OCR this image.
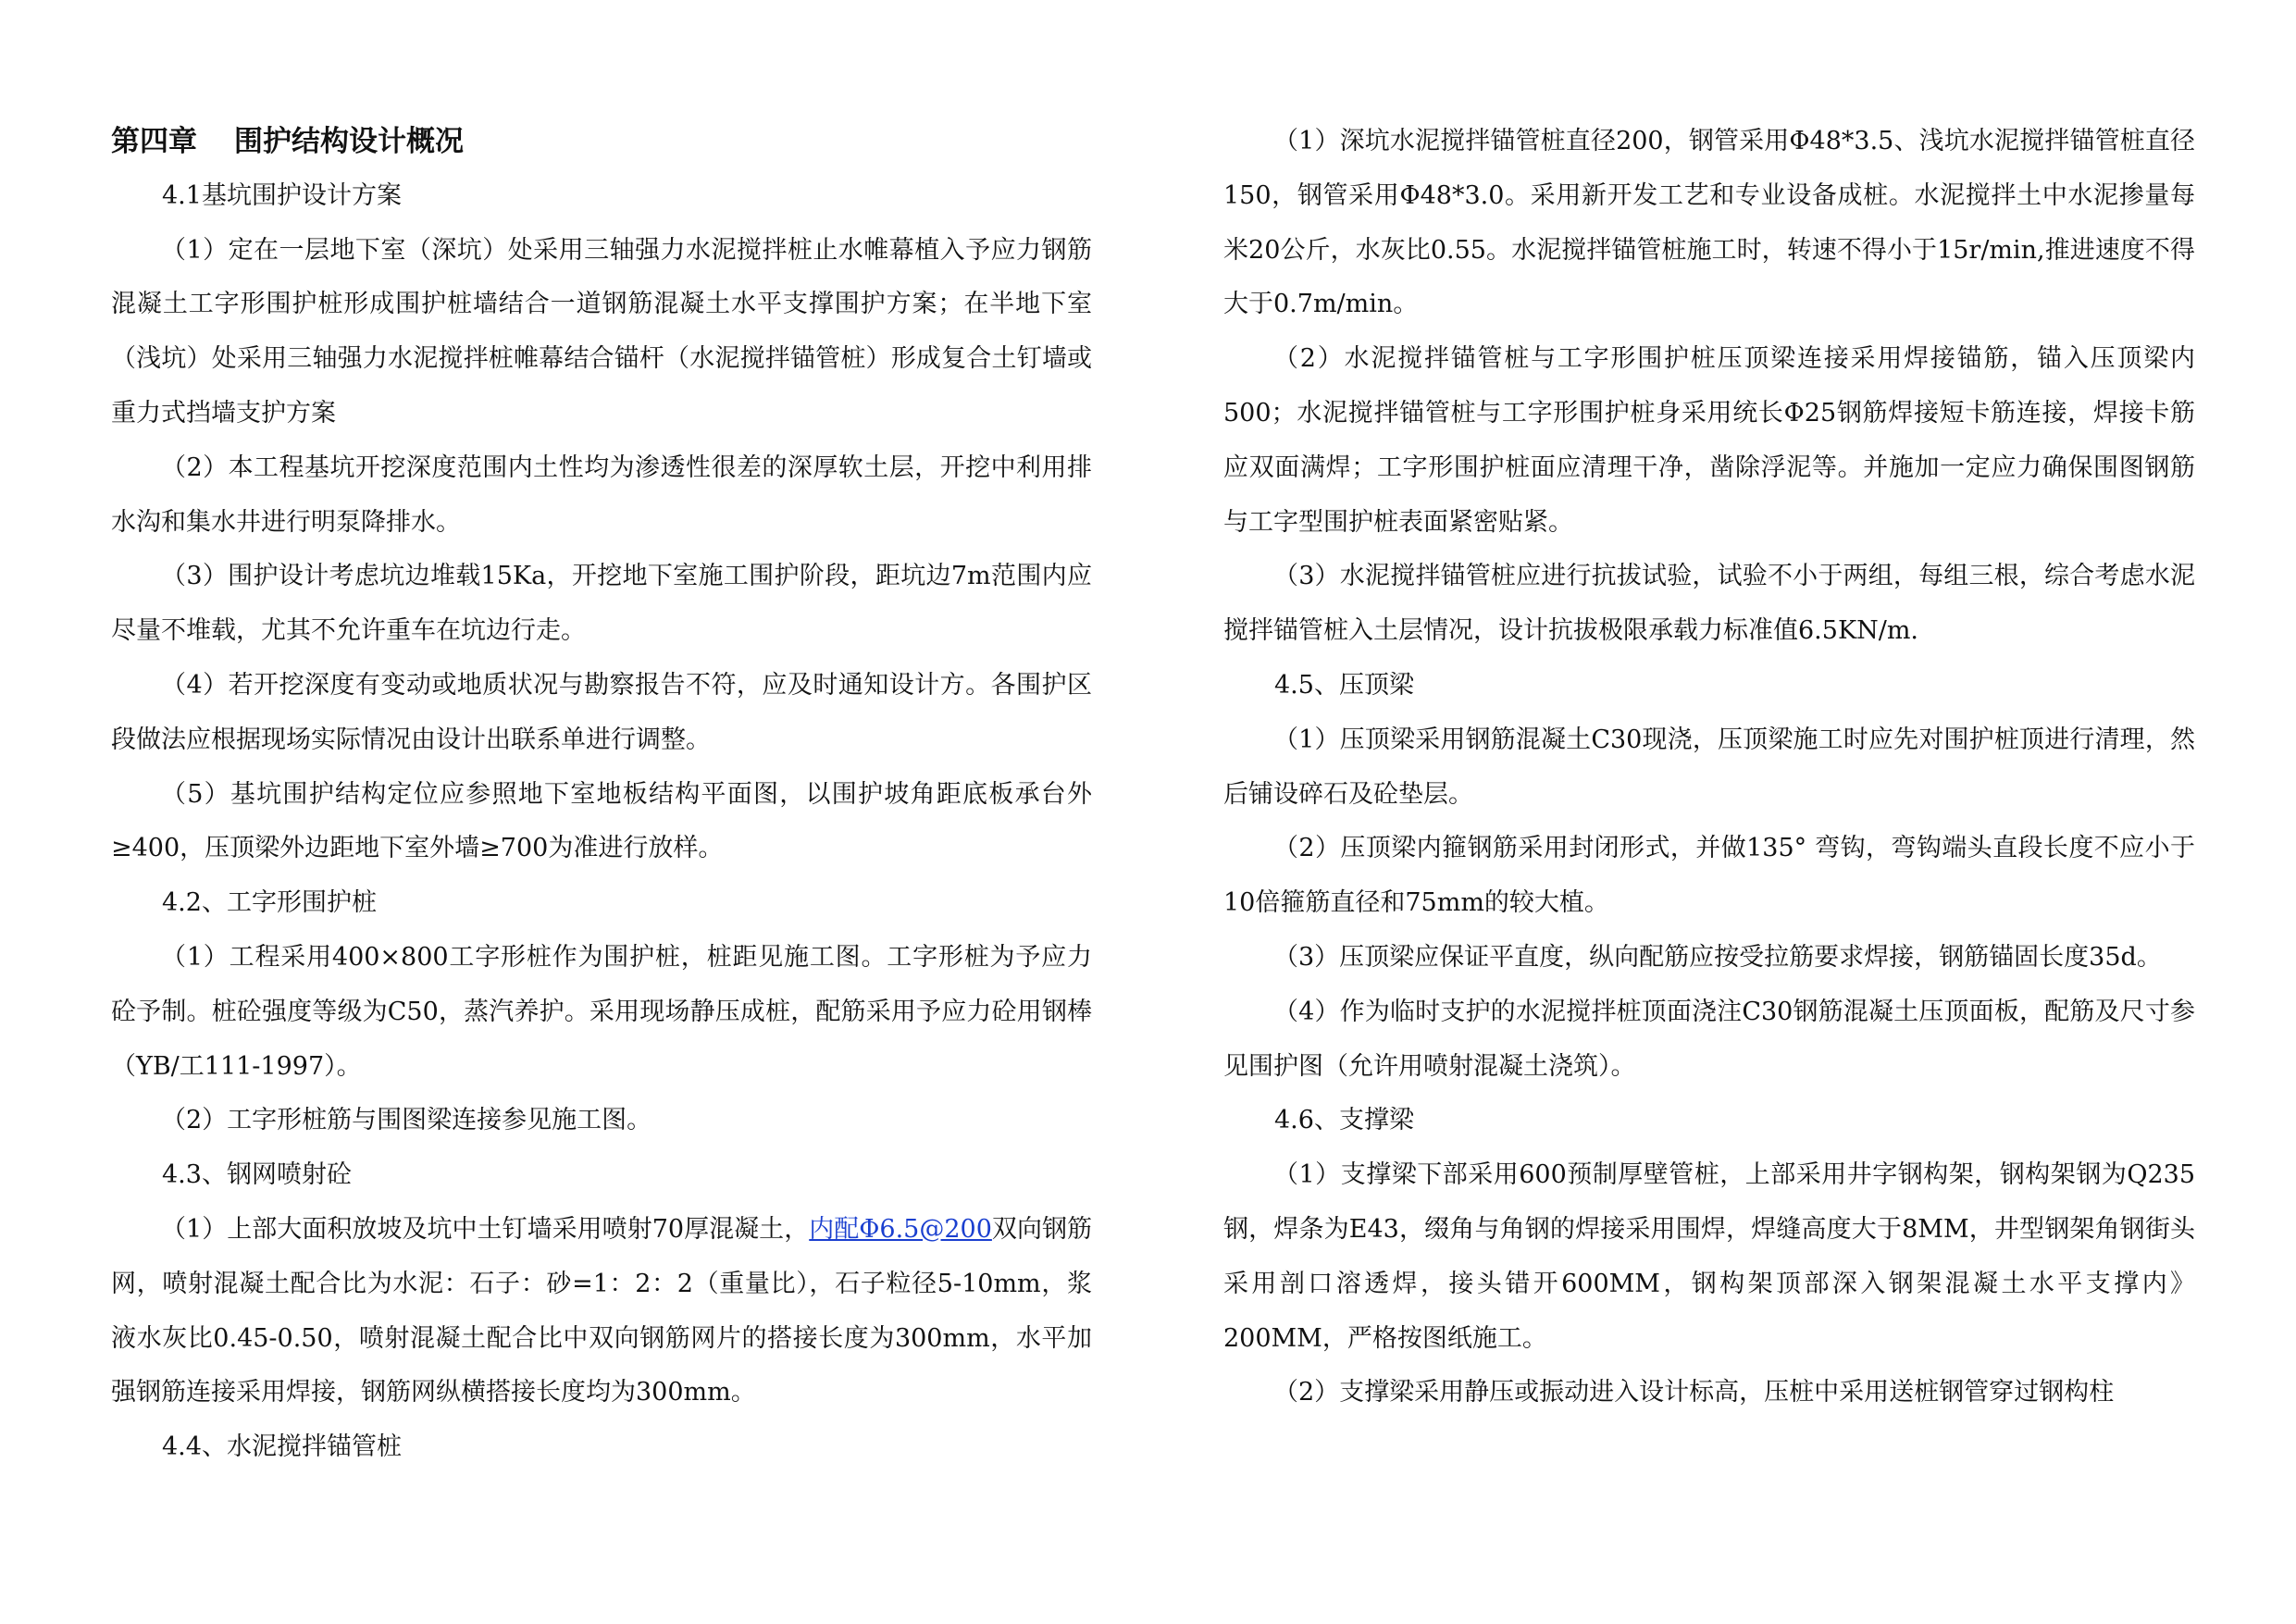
第四章 围护结构设计概况
4.1基坑围护设计方案

（1）定在一层地下室（深坑）处采用三轴强力水泥搅拌桩止水帷幕植入予应力钢筋混凝土工字形围护桩形成围护桩墙结合一道钢筋混凝土水平支撑围护方案；在半地下室（浅坑）处采用三轴强力水泥搅拌桩帷幕结合锚杆（水泥搅拌锚管桩）形成复合土钉墙或重力式挡墙支护方案

（2）本工程基坑开挖深度范围内土性均为渗透性很差的深厚软土层，开挖中利用排水沟和集水井进行明泵降排水。

（3）围护设计考虑坑边堆载15Ka，开挖地下室施工围护阶段，距坑边7m范围内应尽量不堆载，尤其不允许重车在坑边行走。

（4）若开挖深度有变动或地质状况与勘察报告不符，应及时通知设计方。各围护区段做法应根据现场实际情况由设计出联系单进行调整。

（5）基坑围护结构定位应参照地下室地板结构平面图，以围护坡角距底板承台外≥400，压顶梁外边距地下室外墙≥700为准进行放样。

4.2、工字形围护桩

（1）工程采用400×800工字形桩作为围护桩，桩距见施工图。工字形桩为予应力砼予制。桩砼强度等级为C50，蒸汽养护。采用现场静压成桩，配筋采用予应力砼用钢棒（YB/工111-1997）。

（2）工字形桩筋与围图梁连接参见施工图。

4.3、钢网喷射砼

（1）上部大面积放坡及坑中土钉墙采用喷射70厚混凝土，内配Φ6.5@200双向钢筋网，喷射混凝土配合比为水泥：石子：砂=1：2：2（重量比），石子粒径5-10mm，浆液水灰比0.45-0.50，喷射混凝土配合比中双向钢筋网片的搭接长度为300mm，水平加强钢筋连接采用焊接，钢筋网纵横搭接长度均为300mm。

4.4、水泥搅拌锚管桩

（1）深坑水泥搅拌锚管桩直径200，钢管采用Φ48*3.5、浅坑水泥搅拌锚管桩直径150，钢管采用Φ48*3.0。采用新开发工艺和专业设备成桩。水泥搅拌土中水泥掺量每米20公斤，水灰比0.55。水泥搅拌锚管桩施工时，转速不得小于15r/min,推进速度不得大于0.7m/min。

（2）水泥搅拌锚管桩与工字形围护桩压顶梁连接采用焊接锚筋，锚入压顶梁内500；水泥搅拌锚管桩与工字形围护桩身采用统长Φ25钢筋焊接短卡筋连接，焊接卡筋应双面满焊；工字形围护桩面应清理干净，凿除浮泥等。并施加一定应力确保围图钢筋与工字型围护桩表面紧密贴紧。

（3）水泥搅拌锚管桩应进行抗拔试验，试验不小于两组，每组三根，综合考虑水泥搅拌锚管桩入土层情况，设计抗拔极限承载力标准值6.5KN/m.

4.5、压顶梁

（1）压顶梁采用钢筋混凝土C30现浇，压顶梁施工时应先对围护桩顶进行清理，然后铺设碎石及砼垫层。

（2）压顶梁内箍钢筋采用封闭形式，并做135° 弯钩，弯钩端头直段长度不应小于10倍箍筋直径和75mm的较大植。

（3）压顶梁应保证平直度，纵向配筋应按受拉筋要求焊接，钢筋锚固长度35d。

（4）作为临时支护的水泥搅拌桩顶面浇注C30钢筋混凝土压顶面板，配筋及尺寸参见围护图（允许用喷射混凝土浇筑）。

4.6、支撑梁

（1）支撑梁下部采用600预制厚壁管桩，上部采用井字钢构架，钢构架钢为Q235钢，焊条为E43，缀角与角钢的焊接采用围焊，焊缝高度大于8MM，井型钢架角钢街头采用剖口溶透焊，接头错开600MM，钢构架顶部深入钢架混凝土水平支撑内》200MM，严格按图纸施工。

（2）支撑梁采用静压或振动进入设计标高，压桩中采用送桩钢管穿过钢构柱
